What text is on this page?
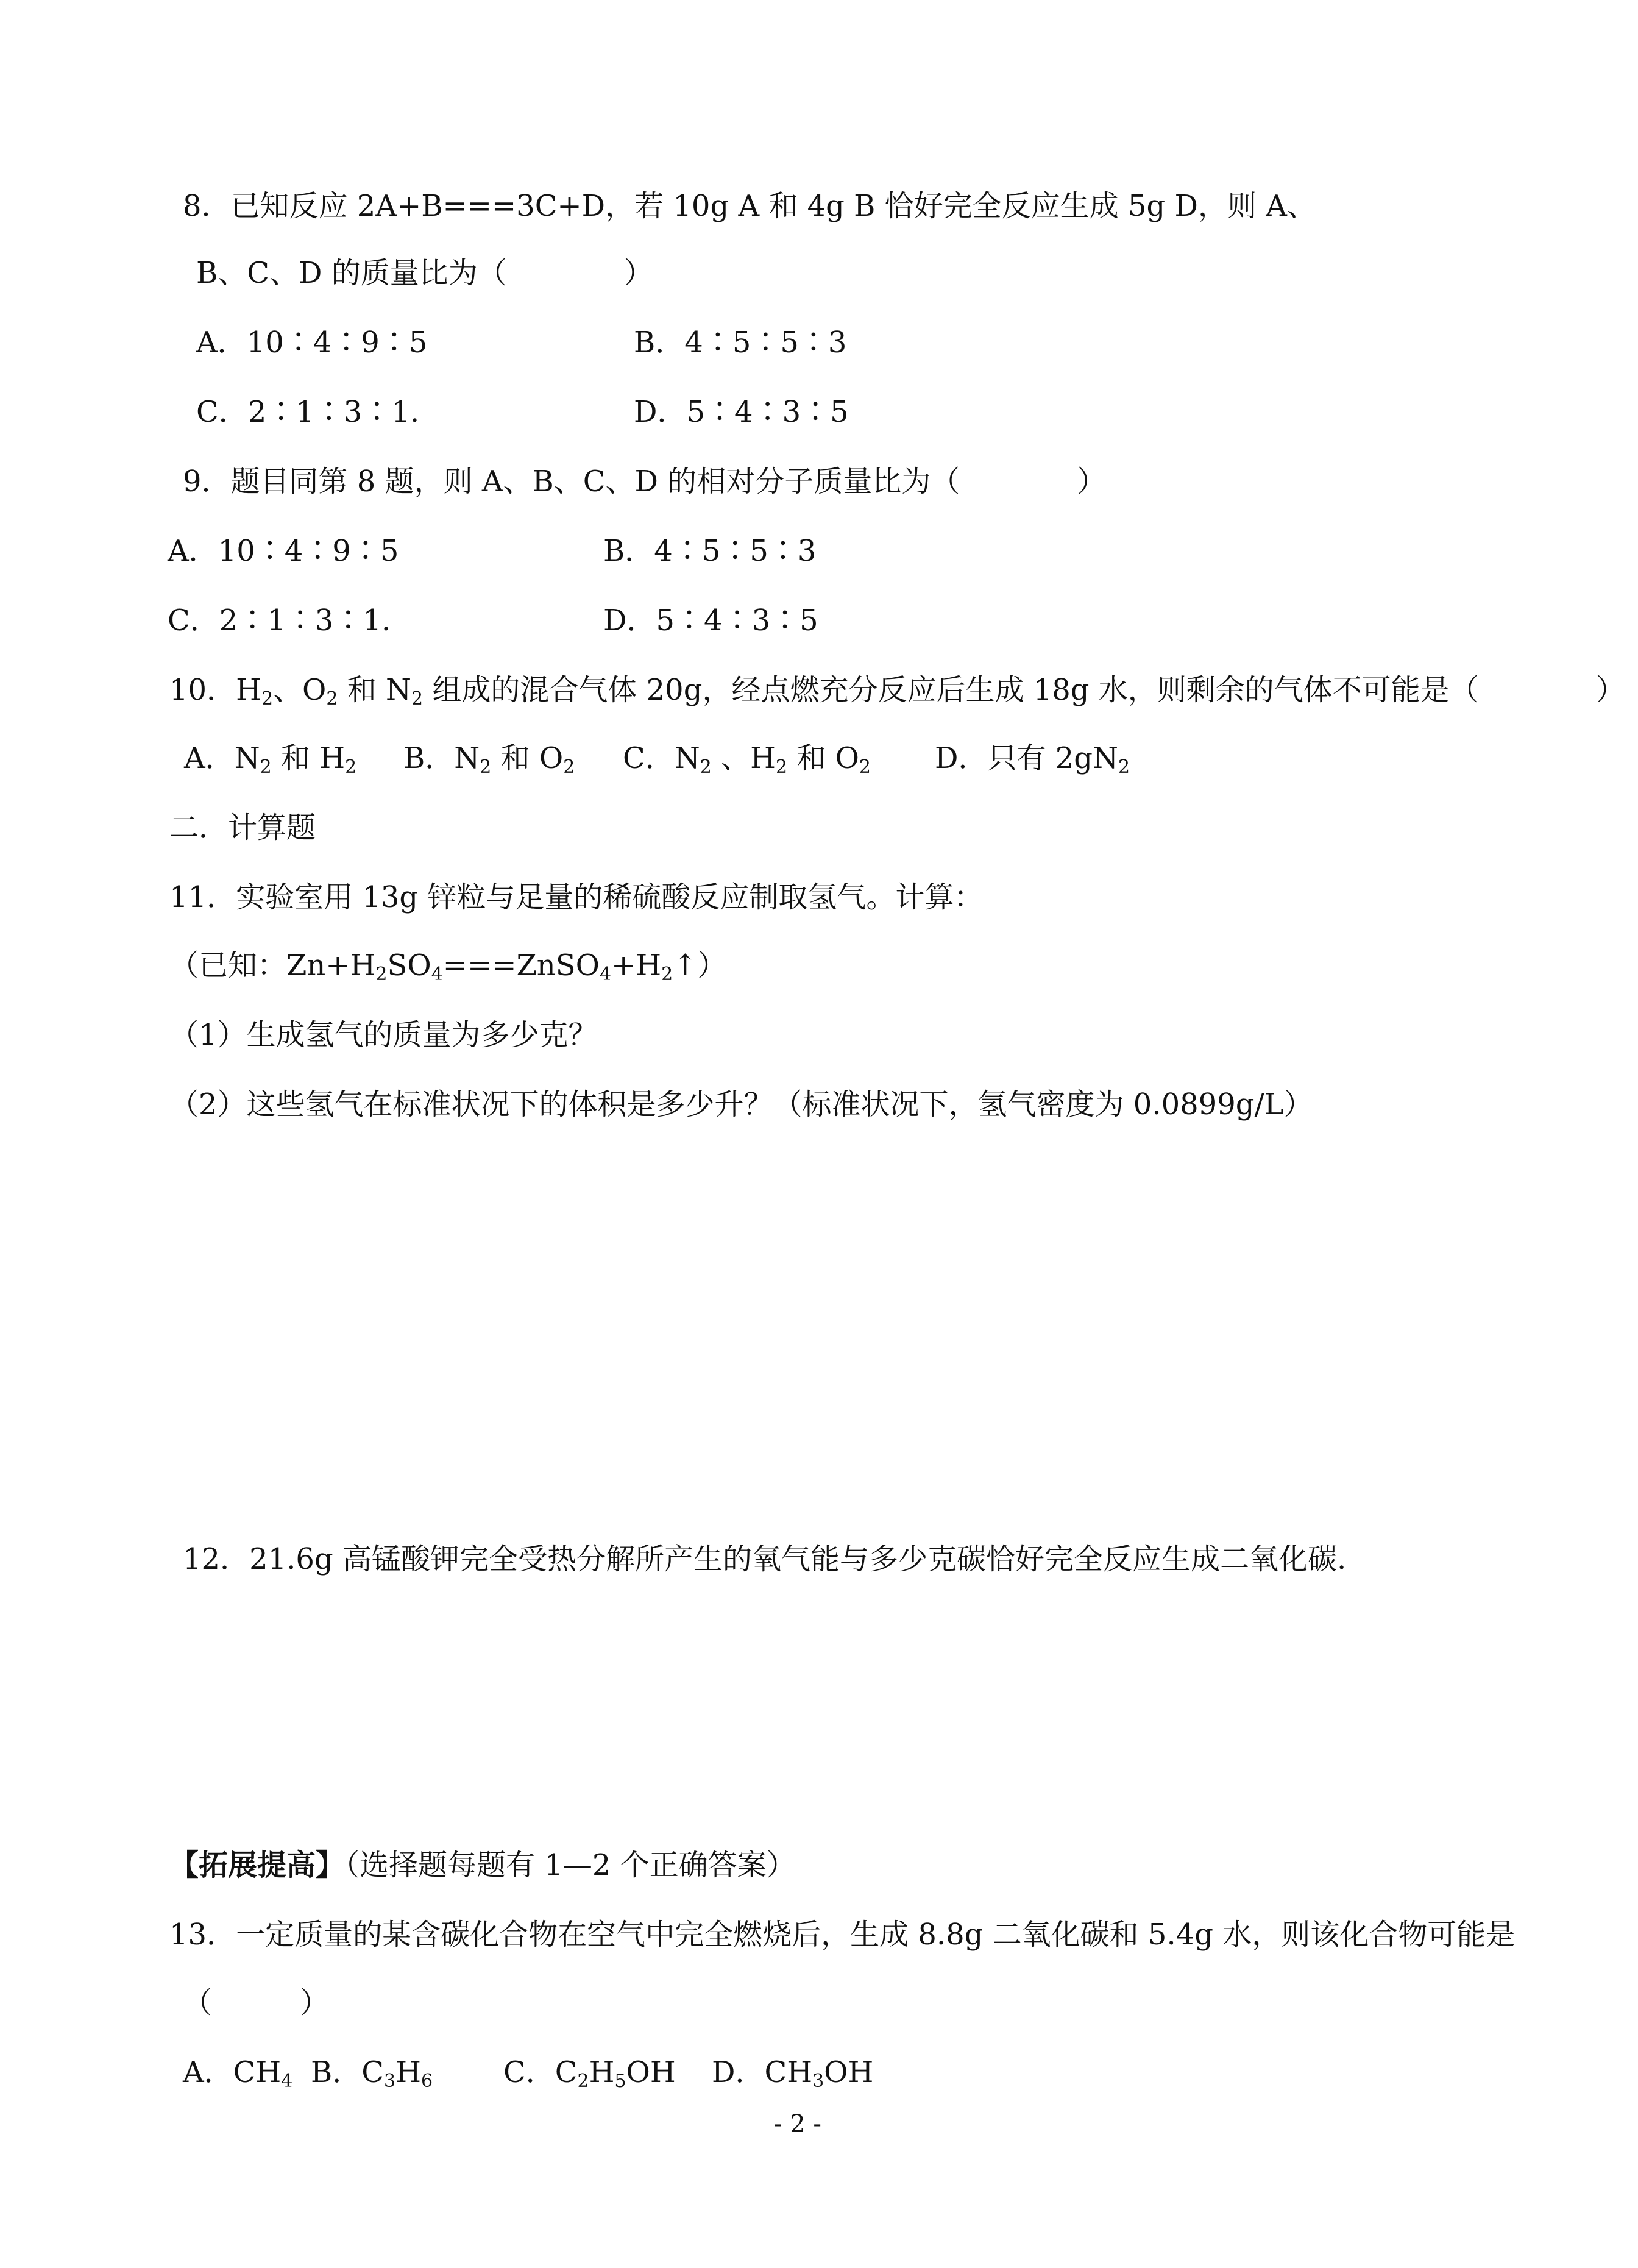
8．已知反应 2A+B===3C+D，若 10g A 和 4g B 恰好完全反应生成 5g D，则 A、
B、C、D 的质量比为（　　　　）
A．10∶4∶9∶5	B．4∶5∶5∶3
C．2∶1∶3∶1.	D．5∶4∶3∶5
9．题目同第 8 题，则 A、B、C、D 的相对分子质量比为（　　　　）
A．10∶4∶9∶5	B．4∶5∶5∶3
C．2∶1∶3∶1.	D．5∶4∶3∶5
10．$H_2$、$O_2$ 和 $N_2$ 组成的混合气体 20g，经点燃充分反应后生成 18g 水，则剩余的气体不可能是（　　　　）
A．$N_2$ 和 $H_2$ B．$N_2$ 和 $O_2$ C．$N_2$ 、$H_2$ 和 $O_2$ D．只有 $2gN_2$
二．计算题
11．实验室用 13g 锌粒与足量的稀硫酸反应制取氢气。计算：
（已知：$Zn+H_2SO_4===ZnSO_4+H_2↑$）
（1）生成氢气的质量为多少克？
（2）这些氢气在标准状况下的体积是多少升？（标准状况下，氢气密度为 0.0899g/L）
12．21.6g 高锰酸钾完全受热分解所产生的氧气能与多少克碳恰好完全反应生成二氧化碳.
【拓展提高】（选择题每题有 1—2 个正确答案）
13．一定质量的某含碳化合物在空气中完全燃烧后，生成 8.8g 二氧化碳和 5.4g 水，则该化合物可能是
（　　　）
A．$CH_4$ B．$C_3H_6$ C．$C_2H_5OH$ D．$CH_3OH$
- 2 -
